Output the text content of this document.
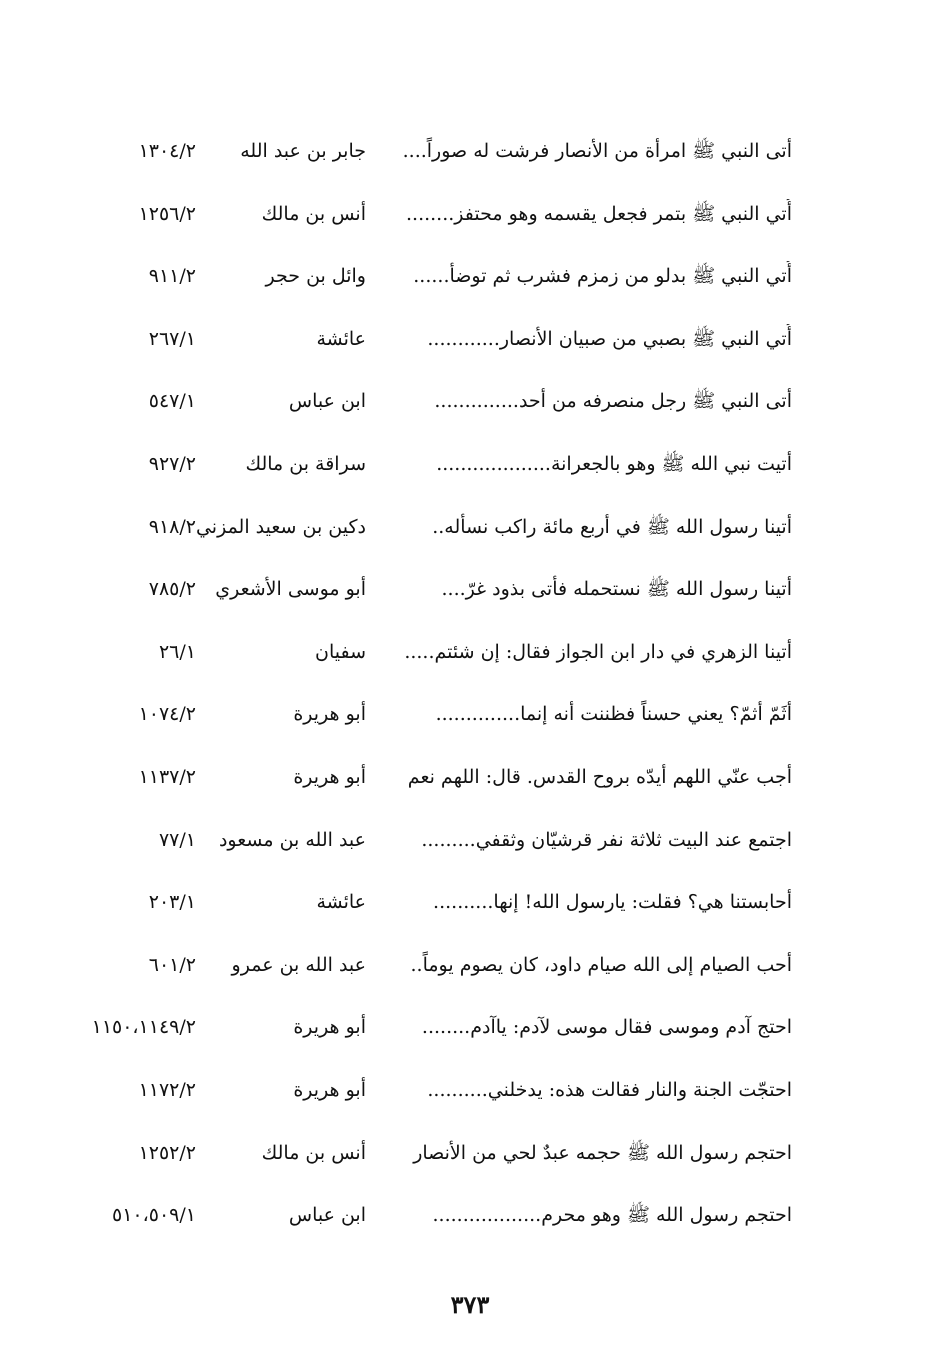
أتى النبي ﷺ امرأة من الأنصار فرشت له صوراً....
جابر بن عبد الله
١٣٠٤/٢
أُتي النبي ﷺ بتمر فجعل يقسمه وهو محتفز........
أنس بن مالك
١٢٥٦/٢
أُتي النبي ﷺ بدلو من زمزم فشرب ثم توضأ......
وائل بن حجر
٩١١/٢
أُتي النبي ﷺ بصبي من صبيان الأنصار............
عائشة
٢٦٧/١
أتى النبي ﷺ رجل منصرفه من أحد..............
ابن عباس
٥٤٧/١
أتيت نبي الله ﷺ وهو بالجعرانة...................
سراقة بن مالك
٩٢٧/٢
أتينا رسول الله ﷺ في أربع مائة راكب نسأله..
دكين بن سعيد المزني
٩١٨/٢
أتينا رسول الله ﷺ نستحمله فأتى بذود غرّ....
أبو موسى الأشعري
٧٨٥/٢
أتينا الزهري في دار ابن الجواز فقال: إن شئتم.....
سفيان
٢٦/١
أثَمّ أثمّ؟ يعني حسناً فظننت أنه إنما..............
أبو هريرة
١٠٧٤/٢
أجب عنّي اللهم أيدّه بروح القدس. قال: اللهم نعم
أبو هريرة
١١٣٧/٢
اجتمع عند البيت ثلاثة نفر قرشيّان وثقفي.........
عبد الله بن مسعود
٧٧/١
أحابستنا هي؟ فقلت: يارسول الله! إنها..........
عائشة
٢٠٣/١
أحب الصيام إلى الله صيام داود، كان يصوم يوماً..
عبد الله بن عمرو
٦٠١/٢
احتج آدم وموسى فقال موسى لآدم: ياآدم........
أبو هريرة
١١٥٠،١١٤٩/٢
احتجّت الجنة والنار فقالت هذه: يدخلني..........
أبو هريرة
١١٧٢/٢
احتجم رسول الله ﷺ حجمه عبدٌ لحي من الأنصار
أنس بن مالك
١٢٥٢/٢
احتجم رسول الله ﷺ وهو محرم..................
ابن عباس
٥١٠،٥٠٩/١
٣٧٣
